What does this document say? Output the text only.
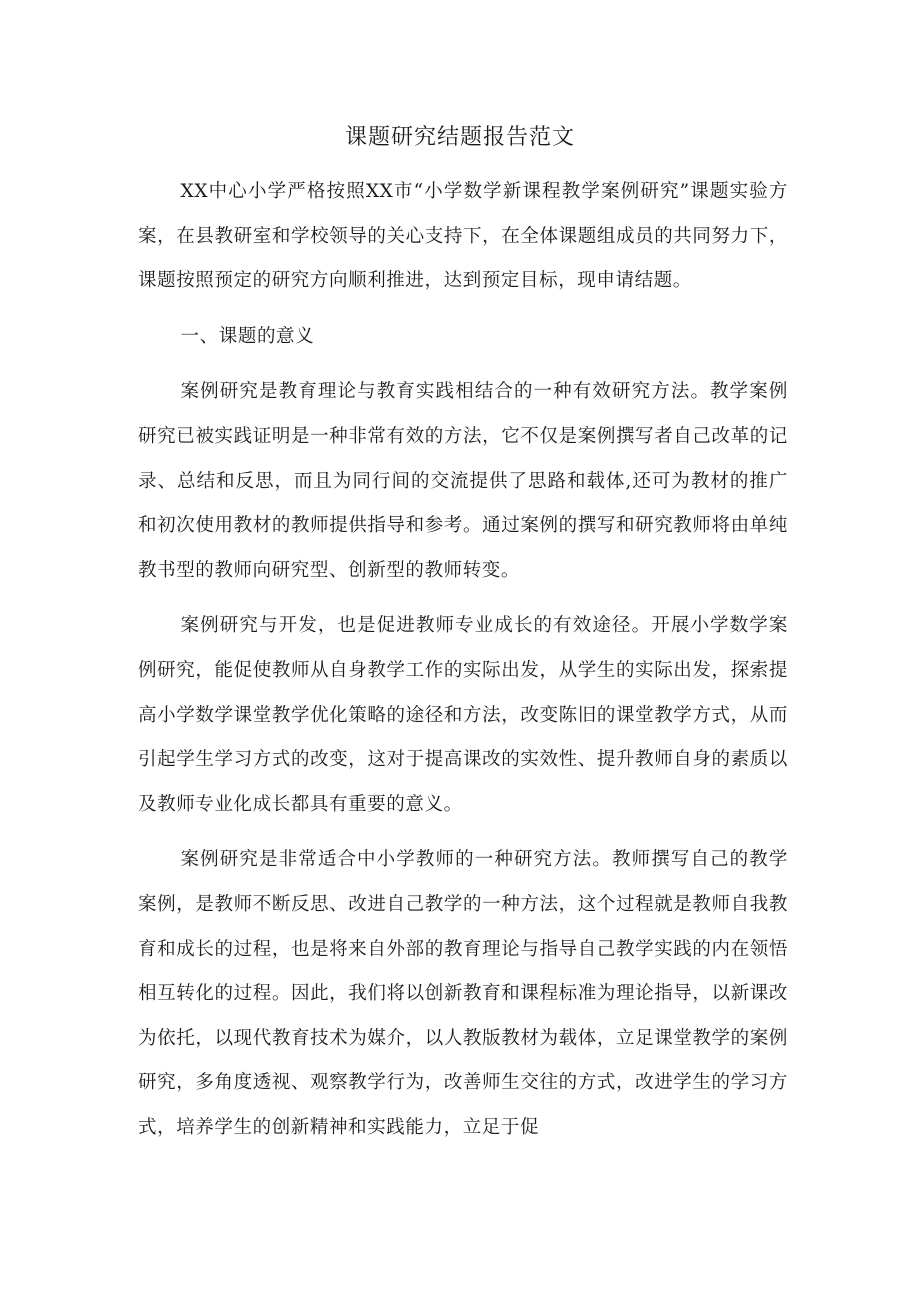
课题研究结题报告范文

XX中心小学严格按照XX市“小学数学新课程教学案例研究”课题实验方案，在县教研室和学校领导的关心支持下，在全体课题组成员的共同努力下，课题按照预定的研究方向顺利推进，达到预定目标，现申请结题。

一、课题的意义

案例研究是教育理论与教育实践相结合的一种有效研究方法。教学案例研究已被实践证明是一种非常有效的方法，它不仅是案例撰写者自己改革的记录、总结和反思，而且为同行间的交流提供了思路和载体,还可为教材的推广和初次使用教材的教师提供指导和参考。通过案例的撰写和研究教师将由单纯教书型的教师向研究型、创新型的教师转变。

案例研究与开发，也是促进教师专业成长的有效途径。开展小学数学案例研究，能促使教师从自身教学工作的实际出发，从学生的实际出发，探索提高小学数学课堂教学优化策略的途径和方法，改变陈旧的课堂教学方式，从而引起学生学习方式的改变，这对于提高课改的实效性、提升教师自身的素质以及教师专业化成长都具有重要的意义。

案例研究是非常适合中小学教师的一种研究方法。教师撰写自己的教学案例，是教师不断反思、改进自己教学的一种方法，这个过程就是教师自我教育和成长的过程，也是将来自外部的教育理论与指导自己教学实践的内在领悟相互转化的过程。因此，我们将以创新教育和课程标准为理论指导，以新课改为依托，以现代教育技术为媒介，以人教版教材为载体，立足课堂教学的案例研究，多角度透视、观察教学行为，改善师生交往的方式，改进学生的学习方式，培养学生的创新精神和实践能力，立足于促
